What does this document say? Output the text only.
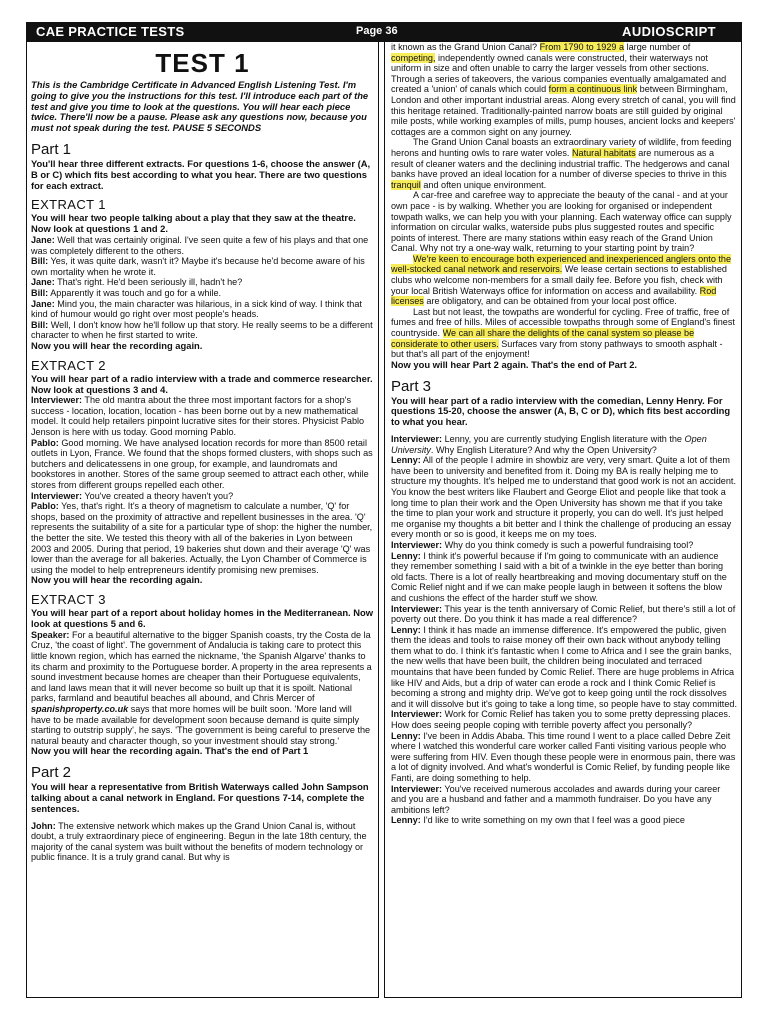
CAE PRACTICE TESTS	Page 36	AUDIOSCRIPT
TEST 1

This is the Cambridge Certificate in Advanced English Listening Test. I'm going to give you the instructions for this test. I'll introduce each part of the test and give you time to look at the questions. You will hear each piece twice. There'll now be a pause. Please ask any questions now, because you must not speak during the test. PAUSE 5 SECONDS

Part 1

You'll hear three different extracts. For questions 1-6, choose the answer (A, B or C) which fits best according to what you hear. There are two questions for each extract.

EXTRACT 1

You will hear two people talking about a play that they saw at the theatre. Now look at questions 1 and 2.

Jane: Well that was certainly original. I've seen quite a few of his plays and that one was completely different to the others.

Bill: Yes, it was quite dark, wasn't it? Maybe it's because he'd become aware of his own mortality when he wrote it.

Jane: That's right. He'd been seriously ill, hadn't he?

Bill: Apparently it was touch and go for a while.

Jane: Mind you, the main character was hilarious, in a sick kind of way. I think that kind of humour would go right over most people's heads.

Bill: Well, I don't know how he'll follow up that story. He really seems to be a different character to when he first started to write.

Now you will hear the recording again.

EXTRACT 2

You will hear part of a radio interview with a trade and commerce researcher. Now look at questions 3 and 4.

Interviewer: The old mantra about the three most important factors for a shop's success - location, location, location - has been borne out by a new mathematical model. It could help retailers pinpoint lucrative sites for their stores. Physicist Pablo Jenson is here with us today. Good morning Pablo.

Pablo: Good morning. We have analysed location records for more than 8500 retail outlets in Lyon, France. We found that the shops formed clusters, with shops such as butchers and delicatessens in one group, for example, and laundromats and bookstores in another. Stores of the same group seemed to attract each other, while stores from different groups repelled each other.

Interviewer: You've created a theory haven't you?

Pablo: Yes, that's right. It's a theory of magnetism to calculate a number, 'Q' for shops, based on the proximity of attractive and repellent businesses in the area. 'Q' represents the suitability of a site for a particular type of shop: the higher the number, the better the site. We tested this theory with all of the bakeries in Lyon between 2003 and 2005. During that period, 19 bakeries shut down and their average 'Q' was lower than the average for all bakeries. Actually, the Lyon Chamber of Commerce is using the model to help entrepreneurs identify promising new premises.

Now you will hear the recording again.

EXTRACT 3

You will hear part of a report about holiday homes in the Mediterranean. Now look at questions 5 and 6.

Speaker: For a beautiful alternative to the bigger Spanish coasts, try the Costa de la Cruz, 'the coast of light'. The government of Andalucia is taking care to protect this little known region, which has earned the nickname, 'the Spanish Algarve' thanks to its charm and proximity to the Portuguese border. A property in the area represents a sound investment because homes are cheaper than their Portuguese equivalents, and land laws mean that it will never become so built up that it is spoilt. National parks, farmland and beautiful beaches all abound, and Chris Mercer of spanishproperty.co.uk says that more homes will be built soon. 'More land will have to be made available for development soon because demand is quite simply starting to outstrip supply', he says. 'The government is being careful to preserve the natural beauty and character though, so your investment should stay strong.'

Now you will hear the recording again. That's the end of Part 1

Part 2

You will hear a representative from British Waterways called John Sampson talking about a canal network in England. For questions 7-14, complete the sentences.

John: The extensive network which makes up the Grand Union Canal is, without doubt, a truly extraordinary piece of engineering. Begun in the late 18th century, the majority of the canal system was built without the benefits of modern technology or public finance. It is a truly grand canal. But why is

it known as the Grand Union Canal? From 1790 to 1929 a large number of competing, independently owned canals were constructed, their waterways not uniform in size and often unable to carry the larger vessels from other sections. Through a series of takeovers, the various companies eventually amalgamated and created a 'union' of canals which could form a continuous link between Birmingham, London and other important industrial areas. Along every stretch of canal, you will find this heritage retained. Traditionally-painted narrow boats are still guided by original mile posts, while working examples of mills, pump houses, ancient locks and keepers' cottages are a common sight on any journey.

The Grand Union Canal boasts an extraordinary variety of wildlife, from feeding herons and hunting owls to rare water voles. Natural habitats are numerous as a result of cleaner waters and the declining industrial traffic. The hedgerows and canal banks have proved an ideal location for a number of diverse species to thrive in this tranquil and often unique environment.

A car-free and carefree way to appreciate the beauty of the canal - and at your own pace - is by walking. Whether you are looking for organised or independent towpath walks, we can help you with your planning. Each waterway office can supply information on circular walks, waterside pubs plus suggested routes and specific points of interest. There are many stations within easy reach of the Grand Union Canal. Why not try a one-way walk, returning to your starting point by train?

We're keen to encourage both experienced and inexperienced anglers onto the well-stocked canal network and reservoirs. We lease certain sections to established clubs who welcome non-members for a small daily fee. Before you fish, check with your local British Waterways office for information on access and availability. Rod licenses are obligatory, and can be obtained from your local post office.

Last but not least, the towpaths are wonderful for cycling. Free of traffic, free of fumes and free of hills. Miles of accessible towpaths through some of England's finest countryside. We can all share the delights of the canal system so please be considerate to other users. Surfaces vary from stony pathways to smooth asphalt - but that's all part of the enjoyment!

Now you will hear Part 2 again. That's the end of Part 2.

Part 3

You will hear part of a radio interview with the comedian, Lenny Henry. For questions 15-20, choose the answer (A, B, C or D), which fits best according to what you hear.

Interviewer: Lenny, you are currently studying English literature with the Open University. Why English Literature? And why the Open University?

Lenny: All of the people I admire in showbiz are very, very smart. Quite a lot of them have been to university and benefited from it. Doing my BA is really helping me to structure my thoughts. It's helped me to understand that good work is not an accident. You know the best writers like Flaubert and George Eliot and people like that took a long time to plan their work and the Open University has shown me that if you take the time to plan your work and structure it properly, you can do well. It's just helped me organise my thoughts a bit better and I think the challenge of producing an essay every month or so is good, it keeps me on my toes.

Interviewer: Why do you think comedy is such a powerful fundraising tool?

Lenny: I think it's powerful because if I'm going to communicate with an audience they remember something I said with a bit of a twinkle in the eye better than boring old facts. There is a lot of really heartbreaking and moving documentary stuff on the Comic Relief night and if we can make people laugh in between it softens the blow and cushions the effect of the harder stuff we show.

Interviewer: This year is the tenth anniversary of Comic Relief, but there's still a lot of poverty out there. Do you think it has made a real difference?

Lenny: I think it has made an immense difference. It's empowered the public, given them the ideas and tools to raise money off their own back without anybody telling them what to do. I think it's fantastic when I come to Africa and I see the grain banks, the new wells that have been built, the children being inoculated and terraced mountains that have been funded by Comic Relief. There are huge problems in Africa like HIV and Aids, but a drip of water can erode a rock and I think Comic Relief is becoming a strong and mighty drip. We've got to keep going until the rock dissolves and it will dissolve but it's going to take a long time, so people have to stay committed.

Interviewer: Work for Comic Relief has taken you to some pretty depressing places. How does seeing people coping with terrible poverty affect you personally?

Lenny: I've been in Addis Ababa. This time round I went to a place called Debre Zeit where I watched this wonderful care worker called Fanti visiting various people who were suffering from HIV. Even though these people were in enormous pain, there was a lot of dignity involved. And what's wonderful is Comic Relief, by funding people like Fanti, are doing something to help.

Interviewer: You've received numerous accolades and awards during your career and you are a husband and father and a mammoth fundraiser. Do you have any ambitions left?

Lenny: I'd like to write something on my own that I feel was a good piece
